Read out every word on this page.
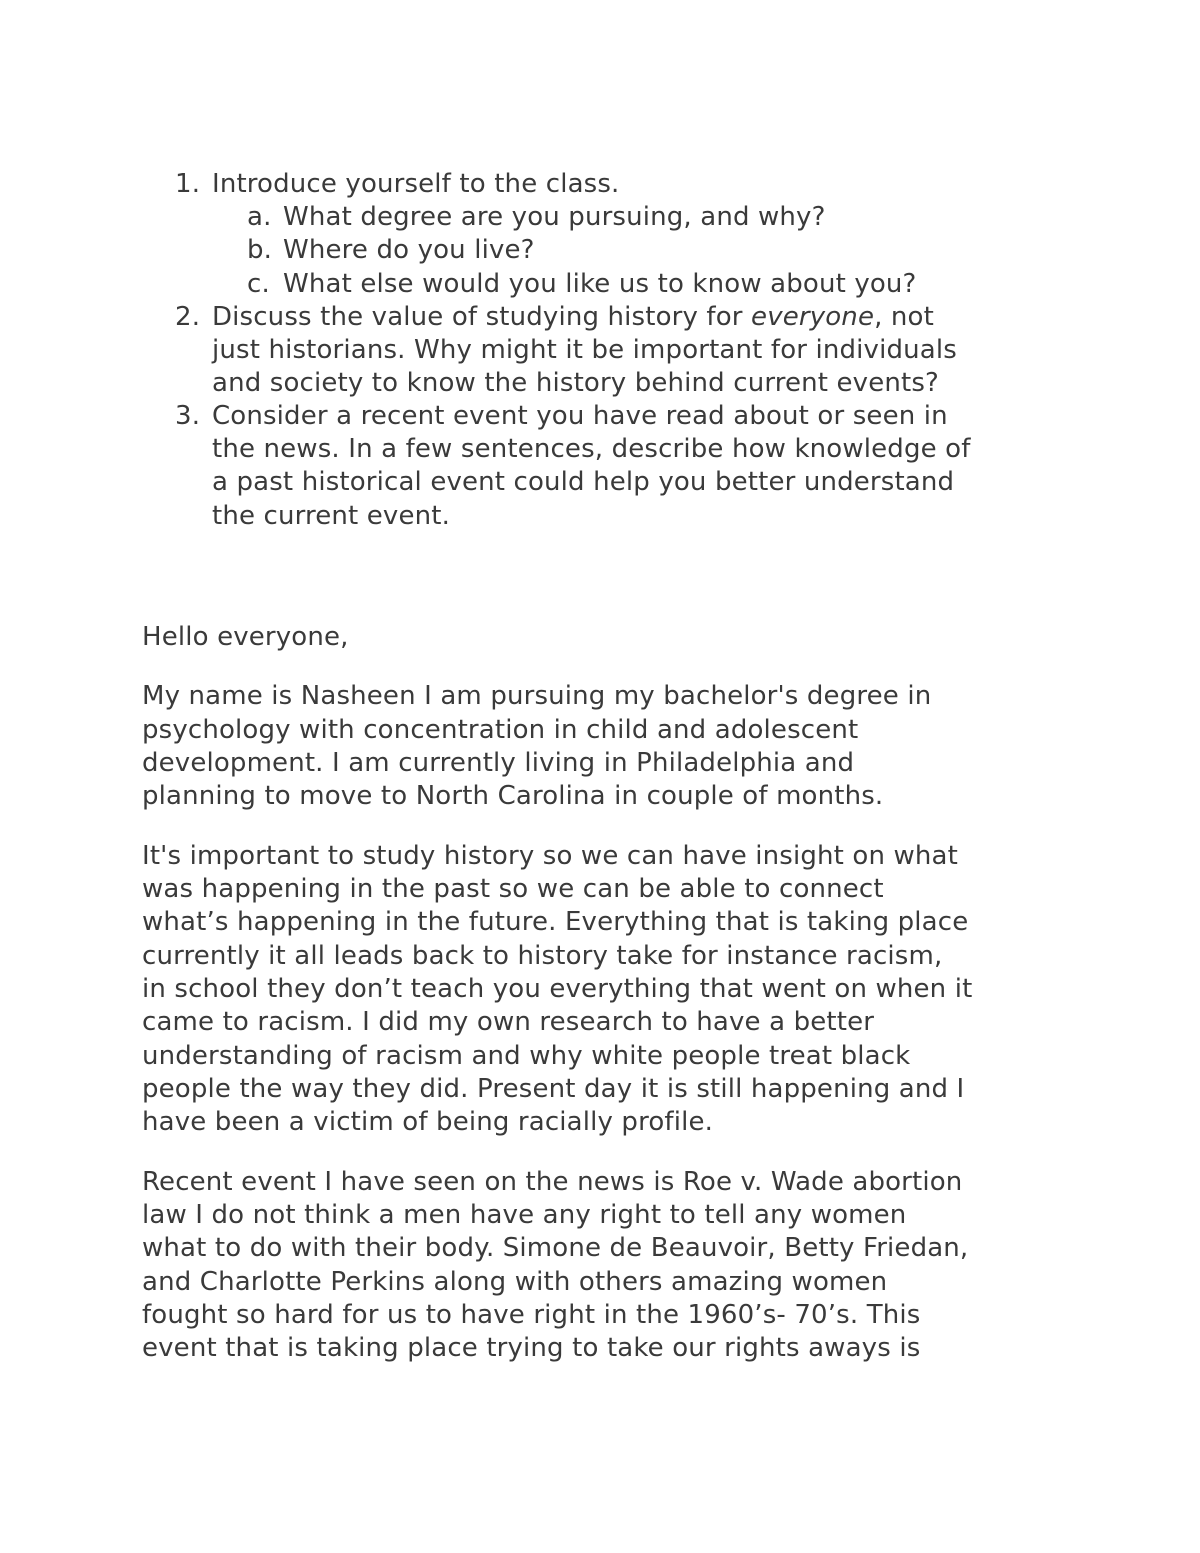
1. Introduce yourself to the class.
a. What degree are you pursuing, and why?
b. Where do you live?
c. What else would you like us to know about you?
2. Discuss the value of studying history for everyone, not
just historians. Why might it be important for individuals
and society to know the history behind current events?
3. Consider a recent event you have read about or seen in
the news. In a few sentences, describe how knowledge of
a past historical event could help you better understand
the current event.
Hello everyone,
My name is Nasheen I am pursuing my bachelor's degree in
psychology with concentration in child and adolescent
development. I am currently living in Philadelphia and
planning to move to North Carolina in couple of months.
It's important to study history so we can have insight on what
was happening in the past so we can be able to connect
what’s happening in the future. Everything that is taking place
currently it all leads back to history take for instance racism,
in school they don’t teach you everything that went on when it
came to racism. I did my own research to have a better
understanding of racism and why white people treat black
people the way they did. Present day it is still happening and I
have been a victim of being racially profile.
Recent event I have seen on the news is Roe v. Wade abortion
law I do not think a men have any right to tell any women
what to do with their body. Simone de Beauvoir, Betty Friedan,
and Charlotte Perkins along with others amazing women
fought so hard for us to have right in the 1960’s- 70’s. This
event that is taking place trying to take our rights aways is
